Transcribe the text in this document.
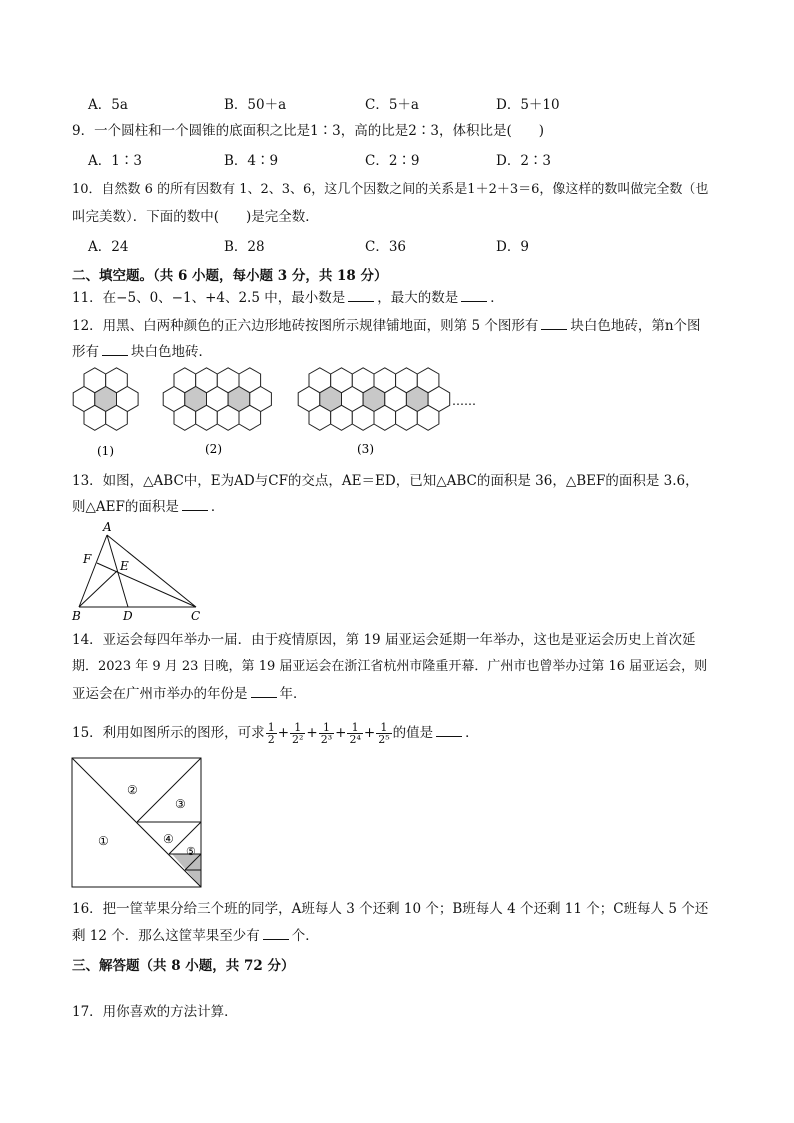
A．5a	B．50＋a	C．5＋a	D．5＋10
9．一个圆柱和一个圆锥的底面积之比是1∶3，高的比是2∶3，体积比是(　　)
A．1∶3	B．4∶9	C．2∶9	D．2∶3
10．自然数 6 的所有因数有 1、2、3、6，这几个因数之间的关系是1＋2＋3＝6，像这样的数叫做完全数（也
叫完美数）．下面的数中(　　)是完全数．
A．24	B．28	C．36	D．9
二、填空题。（共 6 小题，每小题 3 分，共 18 分）
11．在−5、0、−1、+4、2.5 中，最小数是 ，最大的数是 ．
12．用黑、白两种颜色的正六边形地砖按图所示规律铺地面，则第 5 个图形有 块白色地砖，第n个图
形有 块白色地砖．
(1)	(2)	(3)
……
13．如图，△ABC中，E为AD与CF的交点，AE＝ED，已知△ABC的面积是 36，△BEF的面积是 3.6，
则△AEF的面积是 ．
A
F E
B	D	C
14．亚运会每四年举办一届．由于疫情原因，第 19 届亚运会延期一年举办，这也是亚运会历史上首次延
期．2023 年 9 月 23 日晚，第 19 届亚运会在浙江省杭州市隆重开幕．广州市也曾举办过第 16 届亚运会，则
亚运会在广州市举办的年份是 年．
15．利用如图所示的图形，可求 $\frac{1}{2} + \frac{1}{\text{2²}} + \frac{1}{\text{2³}} + \frac{1}{\text{2⁴}} + \frac{1}{\text{2⁵}}$ 的值是 ．
①
②
③
④
⑤
16．把一筐苹果分给三个班的同学，A班每人 3 个还剩 10 个；B班每人 4 个还剩 11 个；C班每人 5 个还
剩 12 个．那么这筐苹果至少有 个．
三、解答题（共 8 小题，共 72 分）
17．用你喜欢的方法计算．
